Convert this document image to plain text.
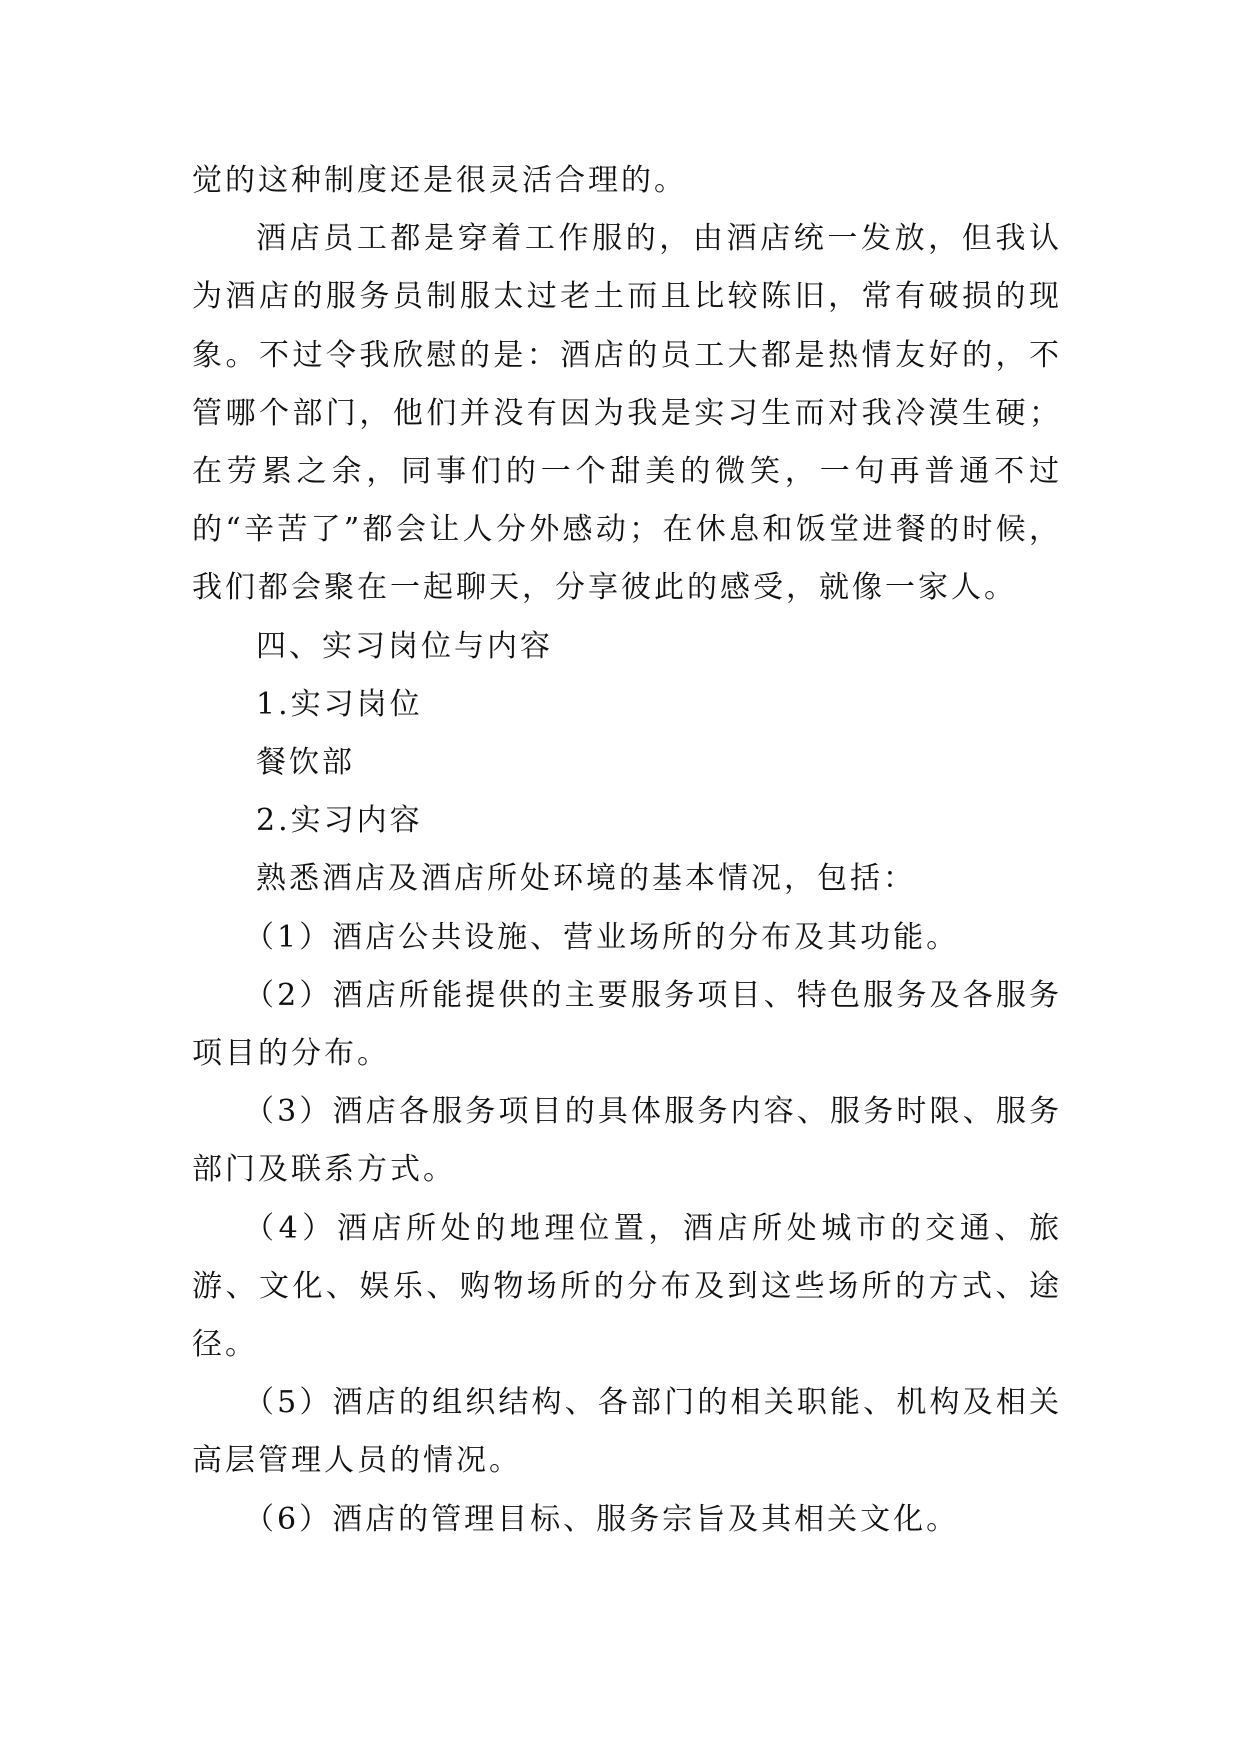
觉的这种制度还是很灵活合理的。

酒店员工都是穿着工作服的，由酒店统一发放，但我认为酒店的服务员制服太过老土而且比较陈旧，常有破损的现象。不过令我欣慰的是：酒店的员工大都是热情友好的，不管哪个部门，他们并没有因为我是实习生而对我冷漠生硬；在劳累之余，同事们的一个甜美的微笑，一句再普通不过的“辛苦了”都会让人分外感动；在休息和饭堂进餐的时候，我们都会聚在一起聊天，分享彼此的感受，就像一家人。

四、实习岗位与内容

1.实习岗位

餐饮部

2.实习内容

熟悉酒店及酒店所处环境的基本情况，包括：

（1）酒店公共设施、营业场所的分布及其功能。

（2）酒店所能提供的主要服务项目、特色服务及各服务项目的分布。

（3）酒店各服务项目的具体服务内容、服务时限、服务部门及联系方式。

（4）酒店所处的地理位置，酒店所处城市的交通、旅游、文化、娱乐、购物场所的分布及到这些场所的方式、途径。

（5）酒店的组织结构、各部门的相关职能、机构及相关高层管理人员的情况。

（6）酒店的管理目标、服务宗旨及其相关文化。
